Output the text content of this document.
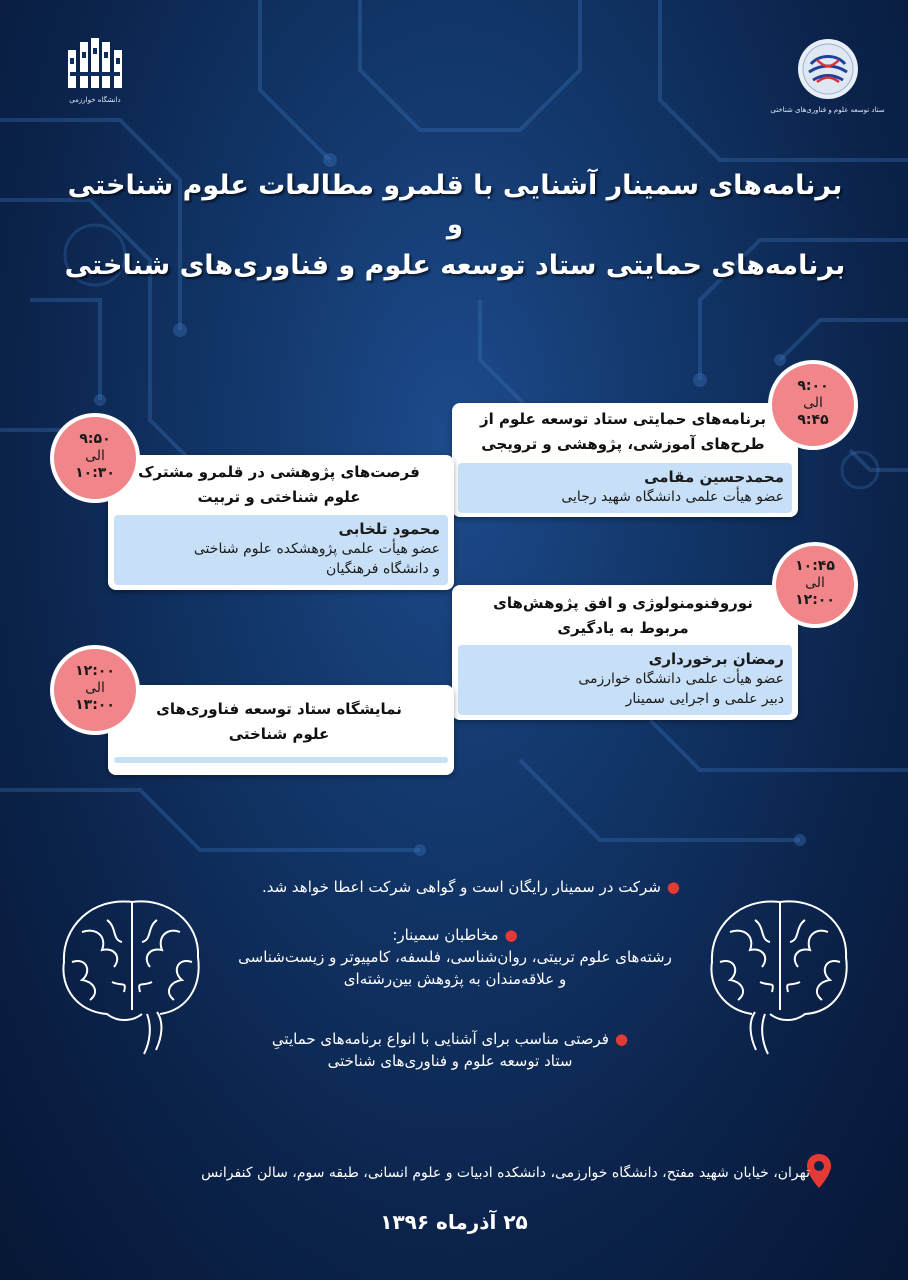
دانشگاه خوارزمی
ستاد توسعه علوم و فناوری‌های شناختی
برنامه‌های سمینار آشنایی با قلمرو مطالعات علوم شناختی
و
برنامه‌های حمایتی ستاد توسعه علوم و فناوری‌های شناختی
برنامه‌های حمایتی ستاد توسعه علوم از
طرح‌های آموزشی، پژوهشی و ترویجی
محمدحسین مقامی
عضو هیأت علمی دانشگاه شهید رجایی
۹:۰۰
الی
۹:۴۵
فرصت‌های پژوهشی در قلمرو مشترک
علوم شناختی و تربیت
محمود تلخابی
عضو هیأت علمی پژوهشکده علوم شناختی
و دانشگاه فرهنگیان
۹:۵۰
الی
۱۰:۳۰
نوروفنومنولوژی و افق پژوهش‌های
مربوط به یادگیری
رمضان برخورداری
عضو هیأت علمی دانشگاه خوارزمی
دبیر علمی و اجرایی سمینار
۱۰:۴۵
الی
۱۲:۰۰
نمایشگاه ستاد توسعه فناوری‌های
علوم شناختی
۱۲:۰۰
الی
۱۳:۰۰
●شرکت در سمینار رایگان است و گواهی شرکت اعطا خواهد شد.
●مخاطبان سمینار:
رشته‌های علوم تربیتی، روان‌شناسی، فلسفه، کامپیوتر و زیست‌شناسی
و علاقه‌مندان به پژوهش بین‌رشته‌ای
●فرصتی مناسب برای آشنایی با انواع برنامه‌های حمایتیِ
ستاد توسعه علوم و فناوری‌های شناختی
تهران، خیابان شهید مفتح، دانشگاه خوارزمی، دانشکده ادبیات و علوم انسانی، طبقه سوم، سالن کنفرانس
۲۵ آذرماه ۱۳۹۶
